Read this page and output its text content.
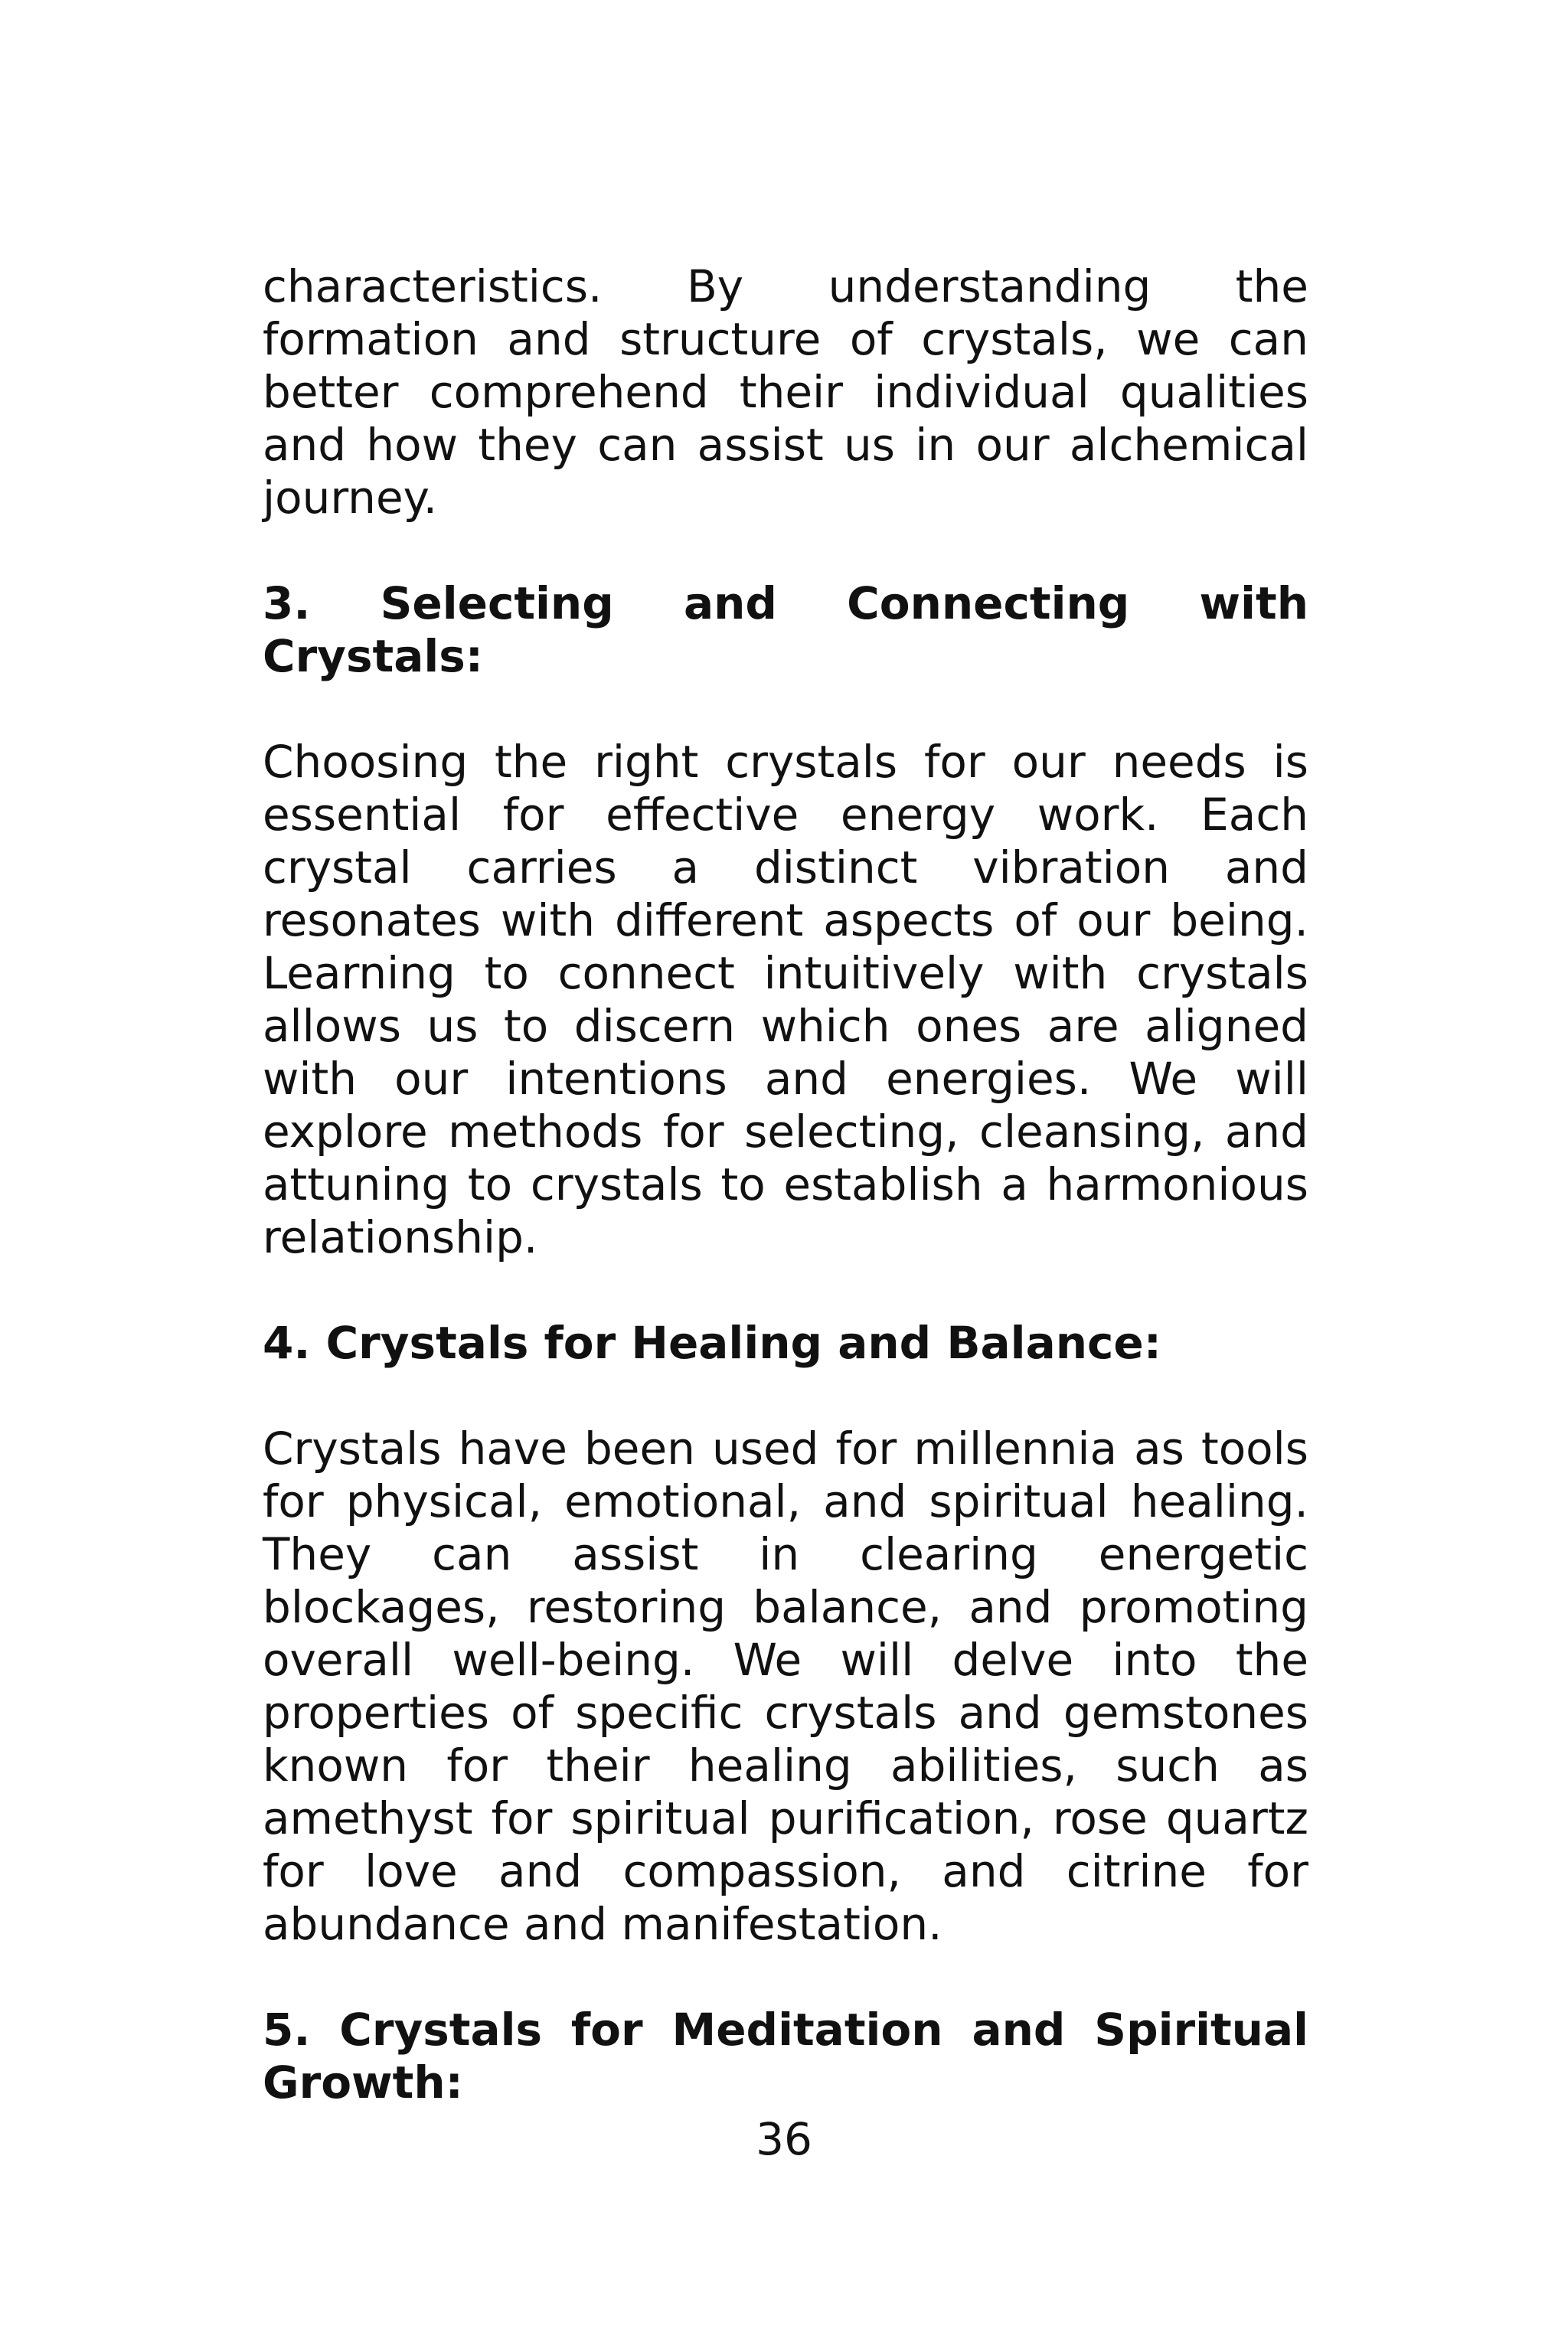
characteristics. By understanding the formation and structure of crystals, we can better comprehend their individual qualities and how they can assist us in our alchemical journey.

3. Selecting and Connecting with Crystals:

Choosing the right crystals for our needs is essential for effective energy work. Each crystal carries a distinct vibration and resonates with different aspects of our being. Learning to connect intuitively with crystals allows us to discern which ones are aligned with our intentions and energies. We will explore methods for selecting, cleansing, and attuning to crystals to establish a harmonious relationship.

4. Crystals for Healing and Balance:

Crystals have been used for millennia as tools for physical, emotional, and spiritual healing. They can assist in clearing energetic blockages, restoring balance, and promoting overall well-being. We will delve into the properties of specific crystals and gemstones known for their healing abilities, such as amethyst for spiritual purification, rose quartz for love and compassion, and citrine for abundance and manifestation.

5. Crystals for Meditation and Spiritual Growth:
36
